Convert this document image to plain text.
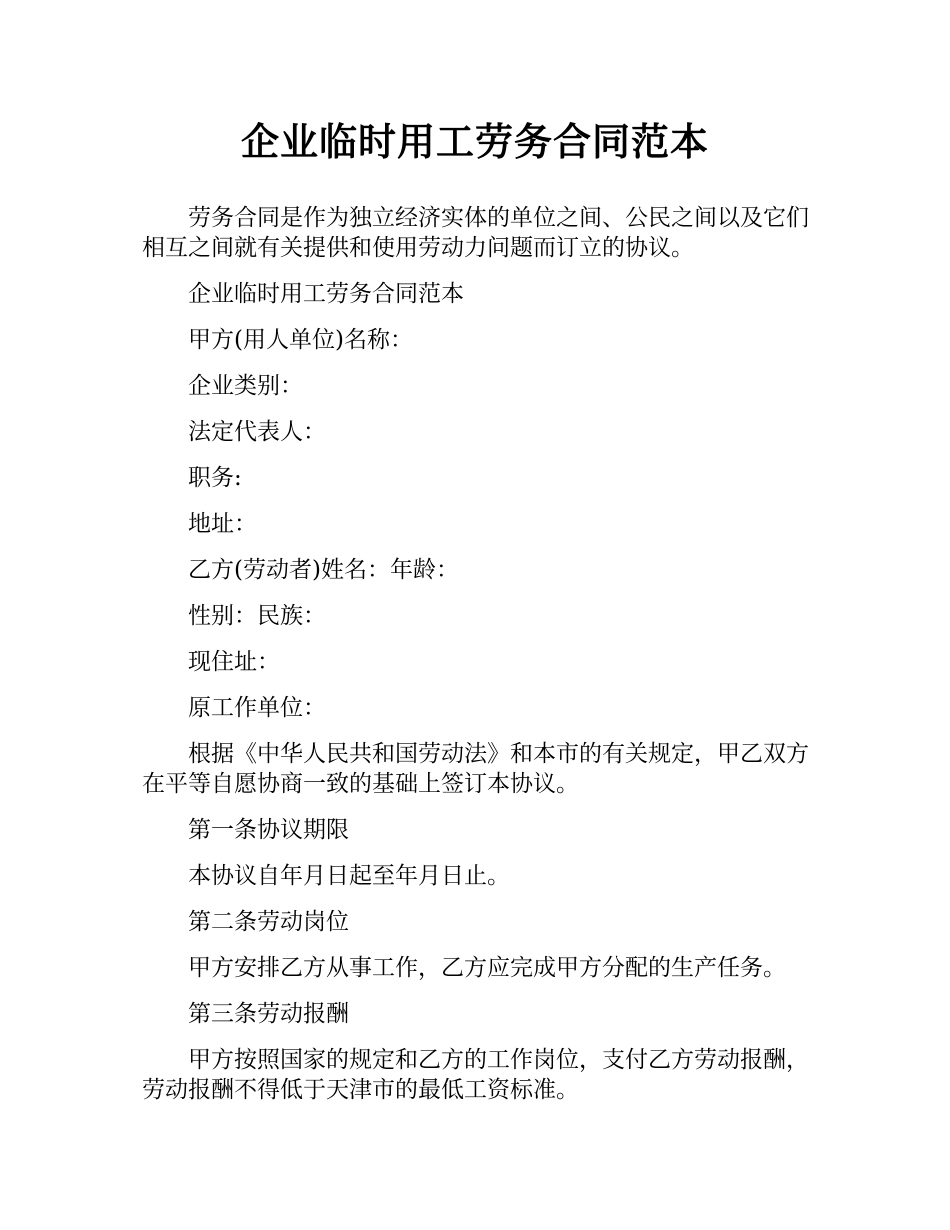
企业临时用工劳务合同范本

劳务合同是作为独立经济实体的单位之间、公民之间以及它们相互之间就有关提供和使用劳动力问题而订立的协议。

企业临时用工劳务合同范本

甲方(用人单位)名称：

企业类别：

法定代表人：

职务:

地址：

乙方(劳动者)姓名：年龄：

性别：民族：

现住址：

原工作单位：

根据《中华人民共和国劳动法》和本市的有关规定，甲乙双方在平等自愿协商一致的基础上签订本协议。

第一条协议期限

本协议自年月日起至年月日止。

第二条劳动岗位

甲方安排乙方从事工作，乙方应完成甲方分配的生产任务。

第三条劳动报酬

甲方按照国家的规定和乙方的工作岗位，支付乙方劳动报酬，劳动报酬不得低于天津市的最低工资标准。
